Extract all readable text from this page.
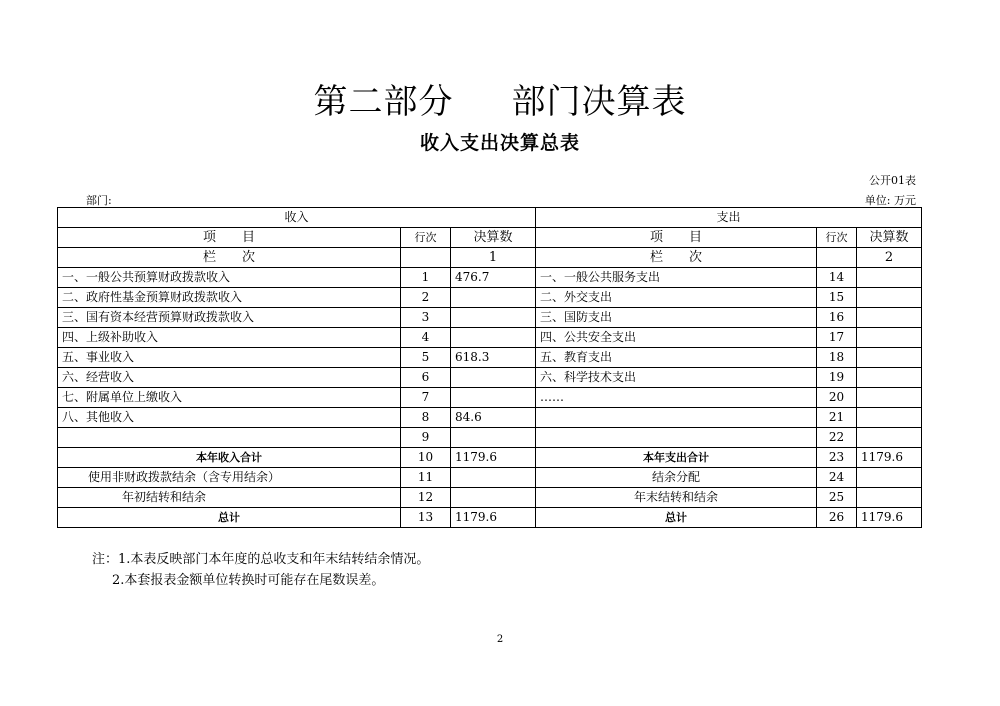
第二部分 部门决算表
收入支出决算总表
公开01表
部门:	单位: 万元
收入			支出		
项　　目	行次	决算数	项　　目	行次	决算数
栏　　次		1	栏　　次		2
一、一般公共预算财政拨款收入	1	476.7	一、一般公共服务支出	14	
二、政府性基金预算财政拨款收入	2		二、外交支出	15	
三、国有资本经营预算财政拨款收入	3		三、国防支出	16	
四、上级补助收入	4		四、公共安全支出	17	
五、事业收入	5	618.3	五、教育支出	18	
六、经营收入	6		六、科学技术支出	19	
七、附属单位上缴收入	7		……	20	
八、其他收入	8	84.6		21	
	9			22	
本年收入合计	10	1179.6	本年支出合计	23	1179.6
使用非财政拨款结余（含专用结余）	11		结余分配	24	
年初结转和结余	12		年末结转和结余	25	
总计	13	1179.6	总计	26	1179.6
注：1.本表反映部门本年度的总收支和年末结转结余情况。
2.本套报表金额单位转换时可能存在尾数误差。
2
